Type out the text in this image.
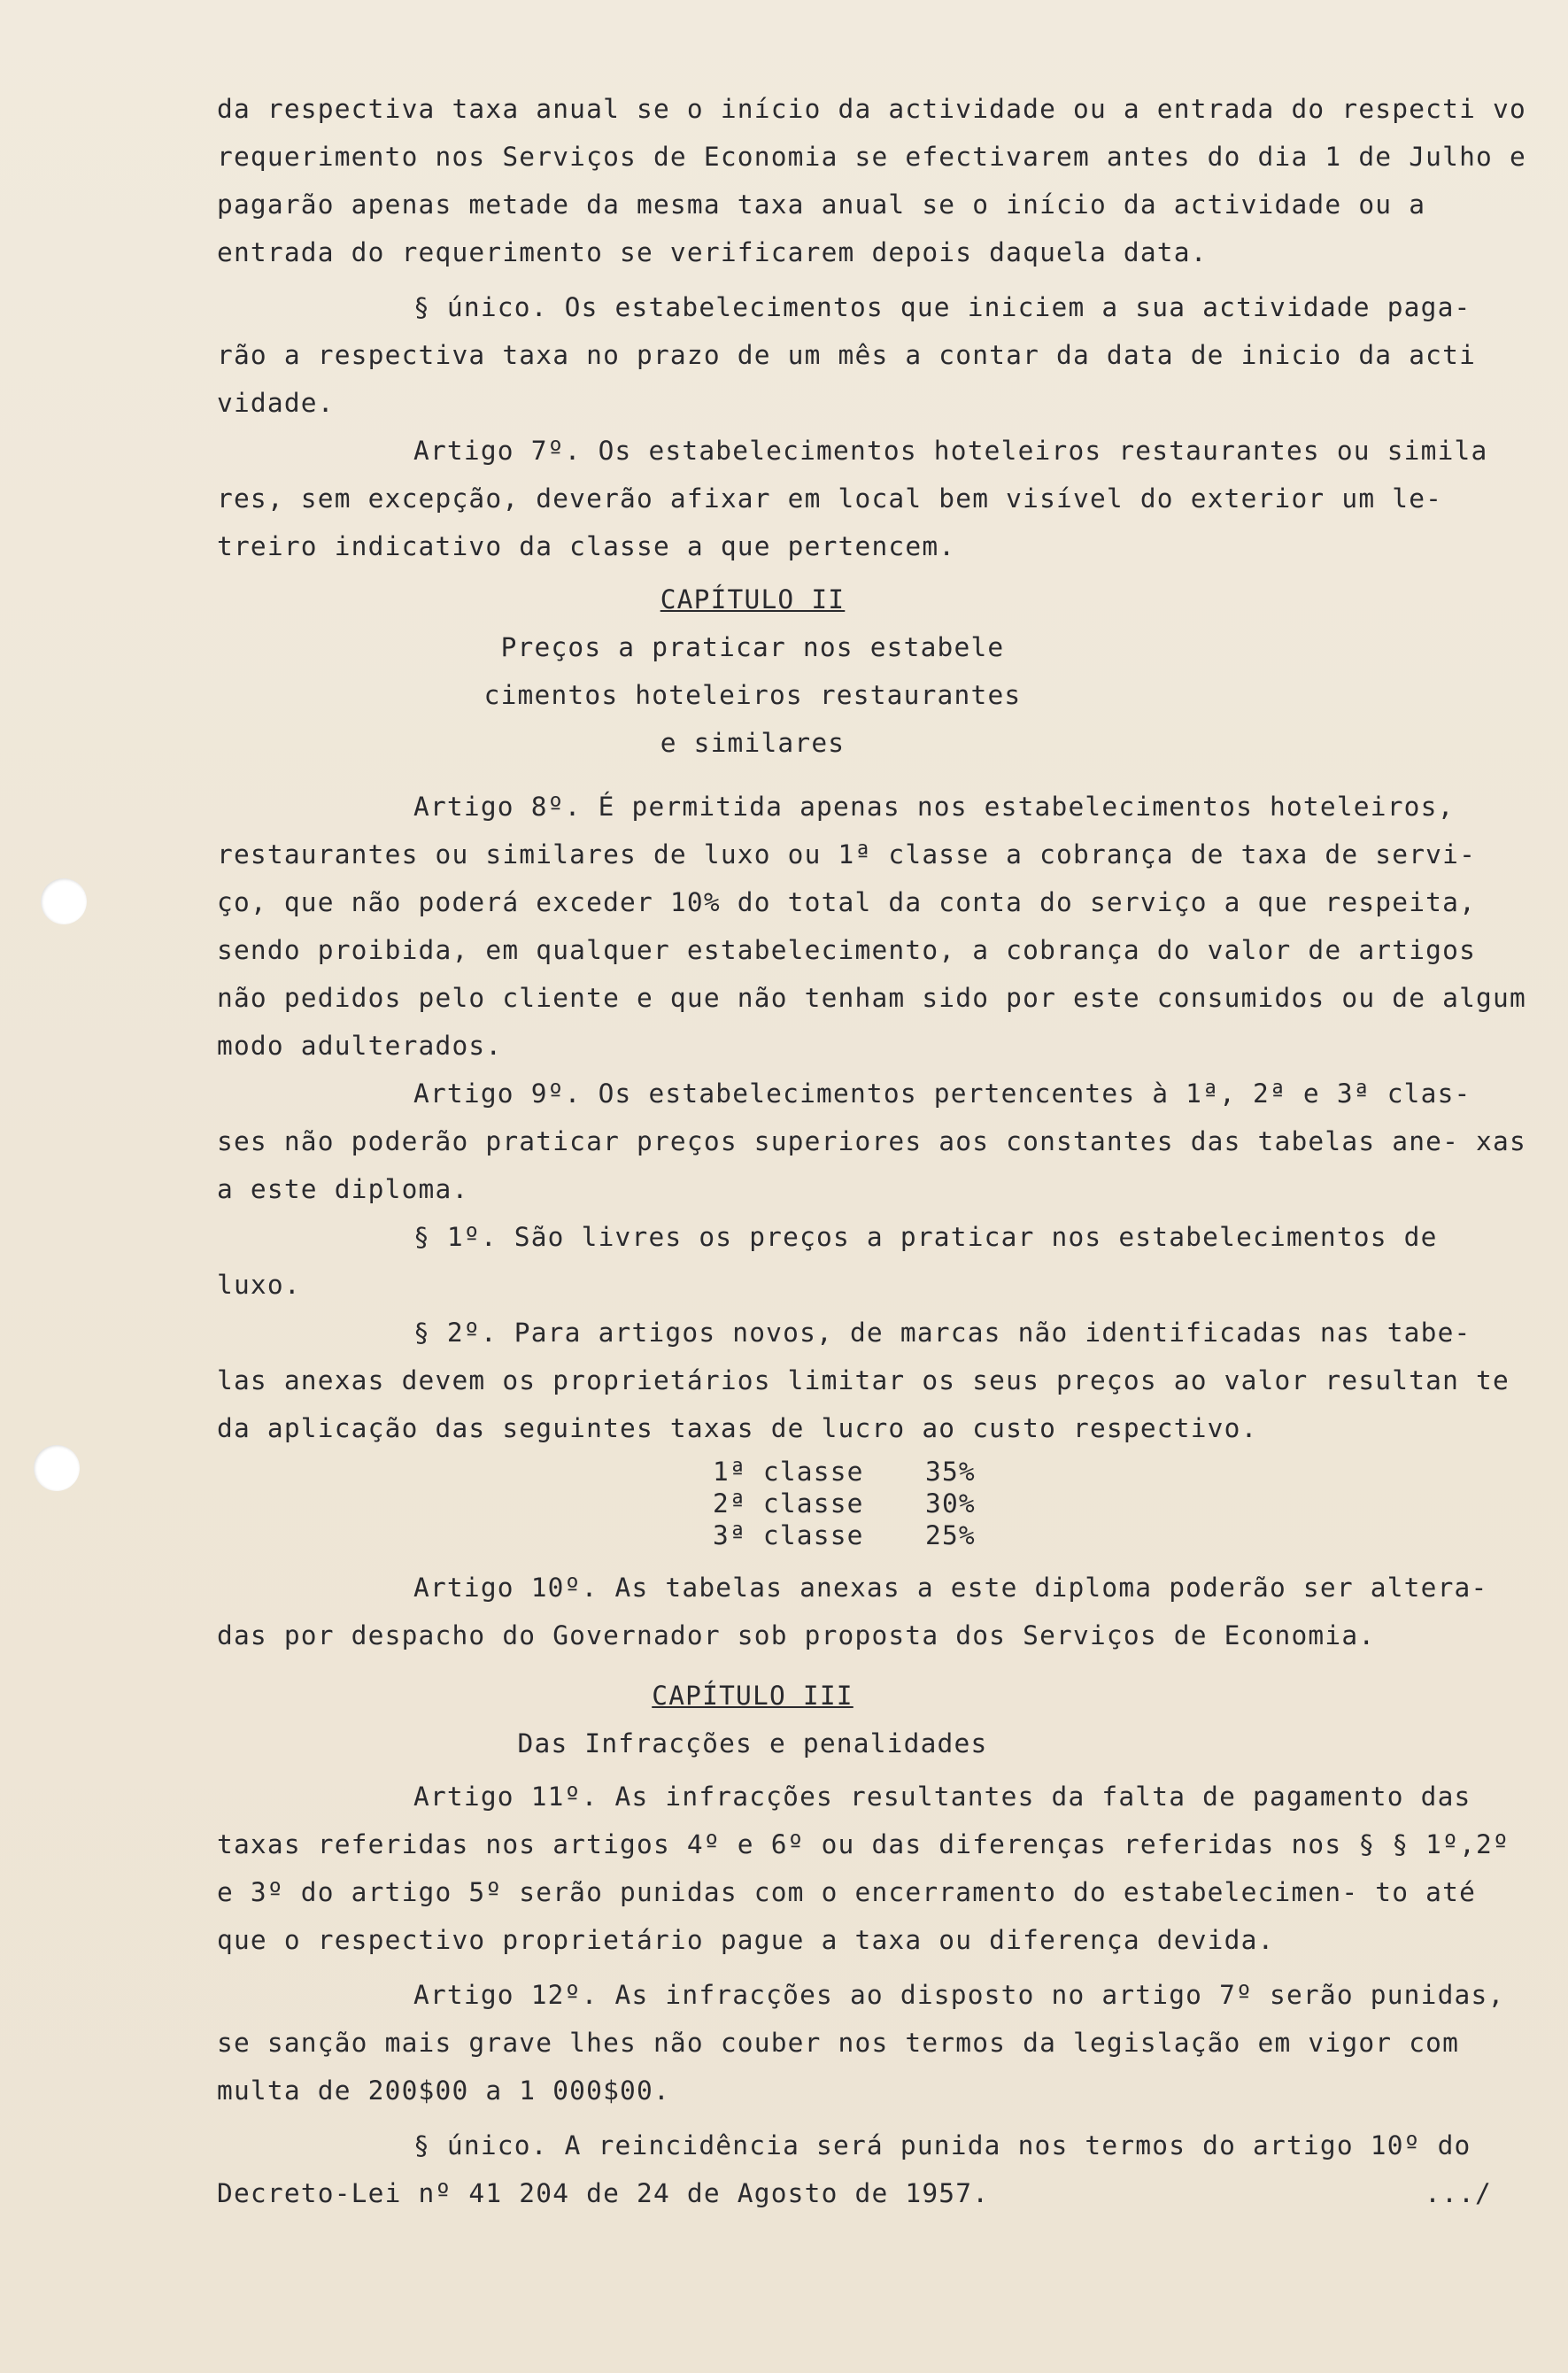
da respectiva taxa anual se o início da actividade ou a entrada do respecti vo requerimento nos Serviços de Economia se efectivarem antes do dia 1 de Julho e pagarão apenas metade da mesma taxa anual se o início da actividade ou a entrada do requerimento se verificarem depois daquela data.

§ único. Os estabelecimentos que iniciem a sua actividade paga- rão a respectiva taxa no prazo de um mês a contar da data de inicio da acti vidade.

Artigo 7º. Os estabelecimentos hoteleiros restaurantes ou simila res, sem excepção, deverão afixar em local bem visível do exterior um le- treiro indicativo da classe a que pertencem.

CAPÍTULO II

Preços a praticar nos estabele

cimentos hoteleiros restaurantes

e similares

Artigo 8º. É permitida apenas nos estabelecimentos hoteleiros, restaurantes ou similares de luxo ou 1ª classe a cobrança de taxa de servi- ço, que não poderá exceder 10% do total da conta do serviço a que respeita, sendo proibida, em qualquer estabelecimento, a cobrança do valor de artigos não pedidos pelo cliente e que não tenham sido por este consumidos ou de algum modo adulterados.

Artigo 9º. Os estabelecimentos pertencentes à 1ª, 2ª e 3ª clas- ses não poderão praticar preços superiores aos constantes das tabelas ane- xas a este diploma.

§ 1º. São livres os preços a praticar nos estabelecimentos de luxo.

§ 2º. Para artigos novos, de marcas não identificadas nas tabe- las anexas devem os proprietários limitar os seus preços ao valor resultan te da aplicação das seguintes taxas de lucro ao custo respectivo.

1ª classe	35%
2ª classe	30%
3ª classe	25%

Artigo 10º. As tabelas anexas a este diploma poderão ser altera- das por despacho do Governador sob proposta dos Serviços de Economia.

CAPÍTULO III

Das Infracções e penalidades

Artigo 11º. As infracções resultantes da falta de pagamento das taxas referidas nos artigos 4º e 6º ou das diferenças referidas nos § § 1º,2º e 3º do artigo 5º serão punidas com o encerramento do estabelecimen- to até que o respectivo proprietário pague a taxa ou diferença devida.

Artigo 12º. As infracções ao disposto no artigo 7º serão punidas, se sanção mais grave lhes não couber nos termos da legislação em vigor com multa de 200$00 a 1 000$00.

§ único. A reincidência será punida nos termos do artigo 10º do

Decreto-Lei nº 41 204 de 24 de Agosto de 1957.	.../
